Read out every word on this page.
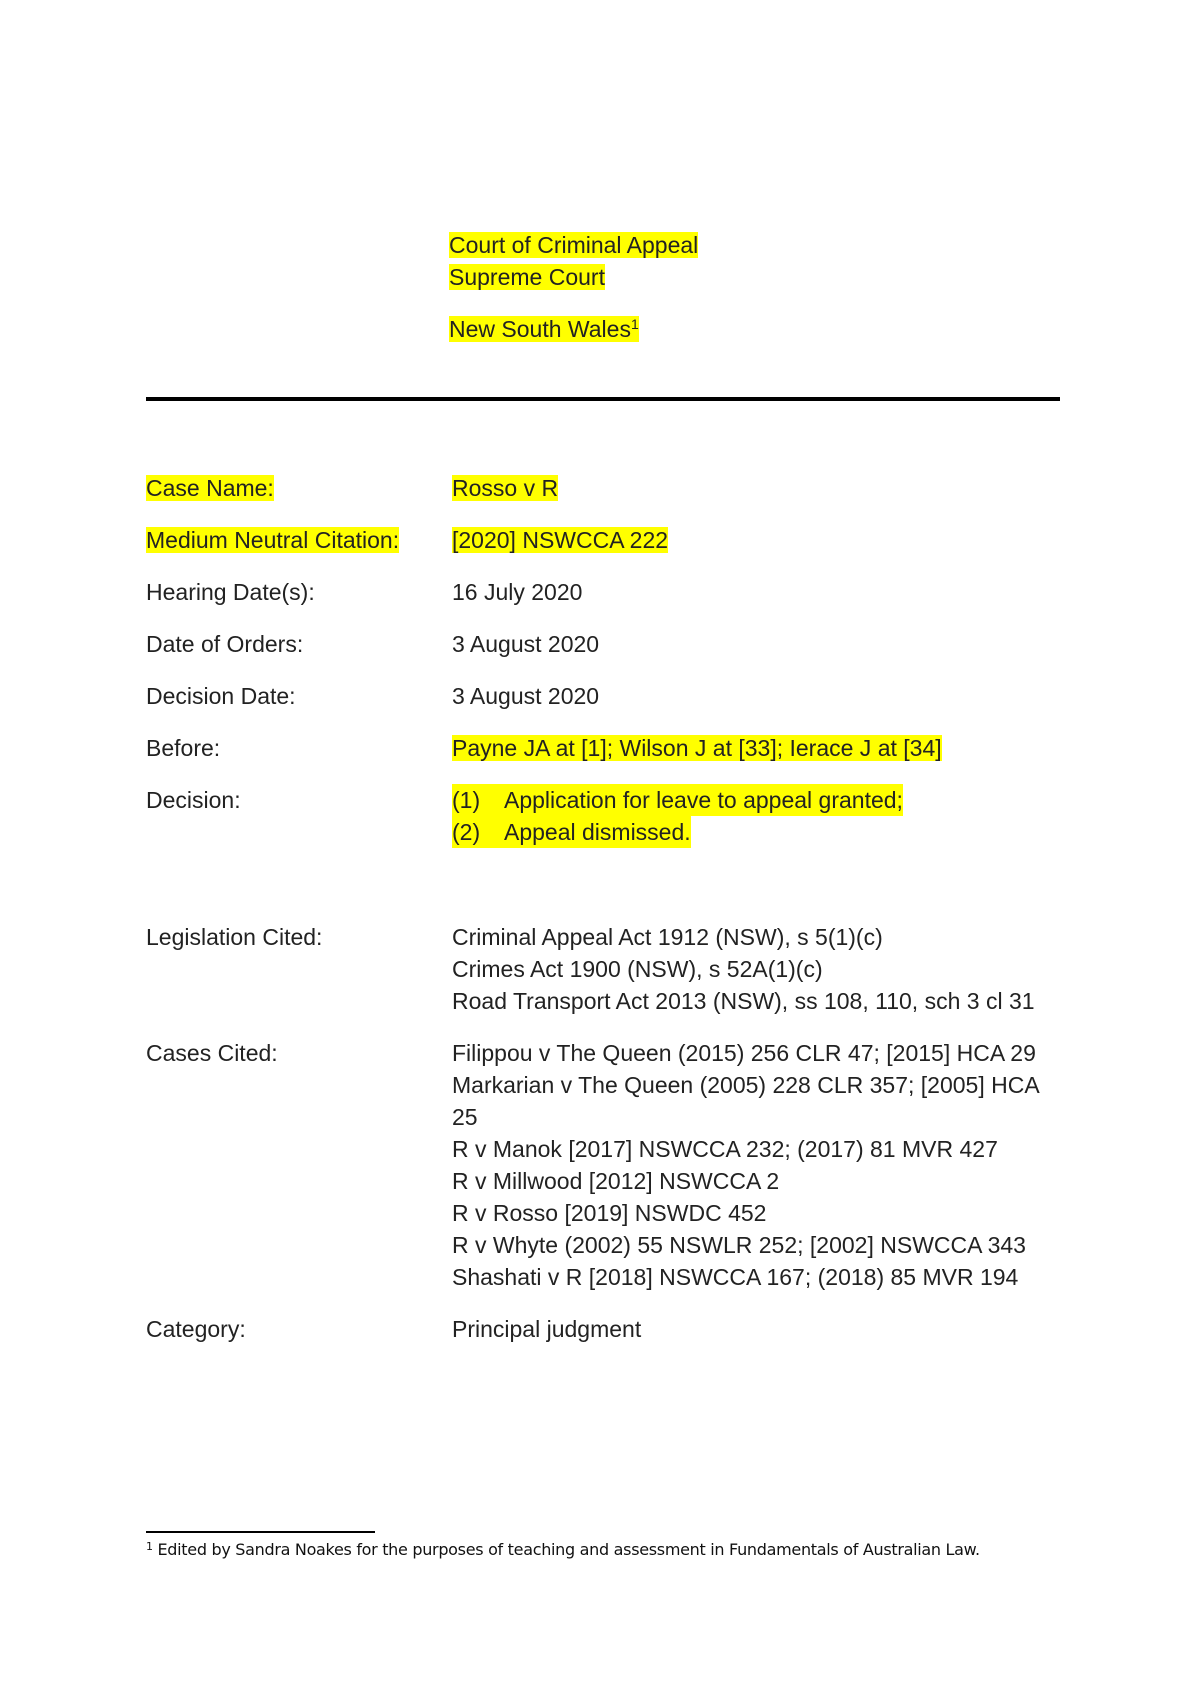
Court of Criminal Appeal
Supreme Court
New South Wales$^1$
Case Name:	Rosso v R
Medium Neutral Citation:	[2020] NSWCCA 222
Hearing Date(s):	16 July 2020
Date of Orders:	3 August 2020
Decision Date:	3 August 2020
Before:	Payne JA at [1]; Wilson J at [33]; Ierace J at [34]
Decision:	(1) Application for leave to appeal granted;
(2) Appeal dismissed.
Legislation Cited:	Criminal Appeal Act 1912 (NSW), s 5(1)(c)
Crimes Act 1900 (NSW), s 52A(1)(c)
Road Transport Act 2013 (NSW), ss 108, 110, sch 3 cl 31
Cases Cited:	Filippou v The Queen (2015) 256 CLR 47; [2015] HCA 29
Markarian v The Queen (2005) 228 CLR 357; [2005] HCA 25
R v Manok [2017] NSWCCA 232; (2017) 81 MVR 427
R v Millwood [2012] NSWCCA 2
R v Rosso [2019] NSWDC 452
R v Whyte (2002) 55 NSWLR 252; [2002] NSWCCA 343
Shashati v R [2018] NSWCCA 167; (2018) 85 MVR 194
Category:	Principal judgment
$^1$ Edited by Sandra Noakes for the purposes of teaching and assessment in Fundamentals of Australian Law.
